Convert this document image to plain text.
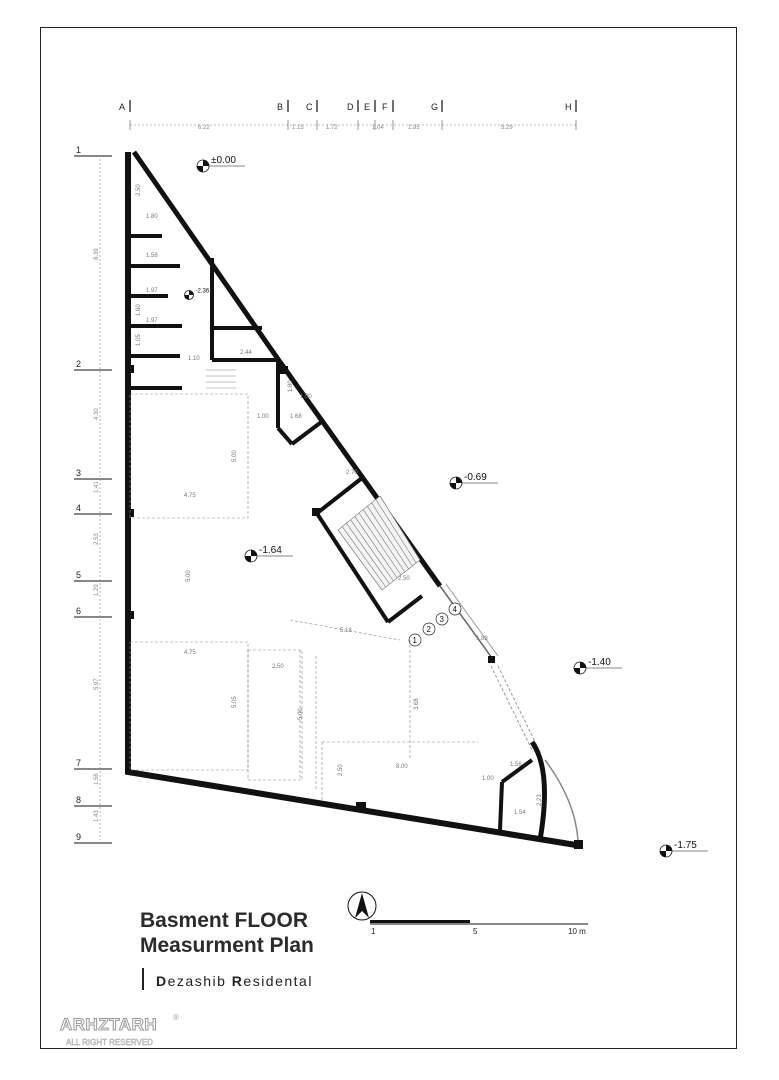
A	B	C	D E F	G	H
6.22	1.15	1.72	1.04	1.95	5.29
1
2
3
4
5
6
7
8
9
8.39
4.30
1.41
2.53
1.29
5.97
1.56
1.43
1
2
3
4
2.50
1.80
1.58
1.97
1.60
1.97
1.05
1.10
2.44
1.00
5.00
4.75
5.00
4.75
2.50
5.05
5.00
3.68
8.00
2.50
1.00
1.56
1.54
2.23
5.18
1.80
1.00
1.68
2.70
2.50
1.83
±0.00
-1.64
-0.69
-1.40
-1.75
-2.36
1	5	10 m
Basment FLOOR
Measurment Plan
Dezashib Residental
ARHZTARH
ALL RIGHT RESERVED
®
